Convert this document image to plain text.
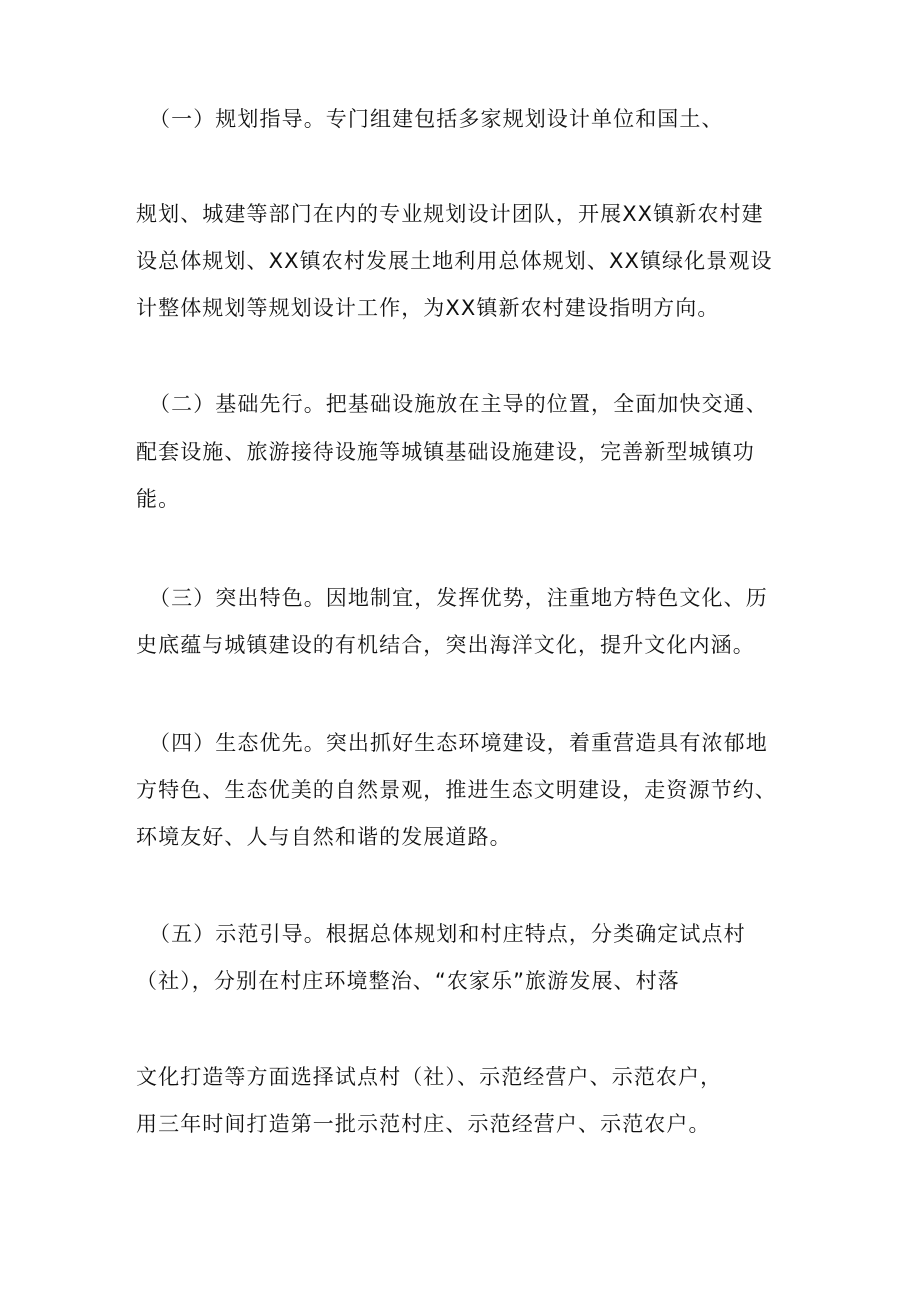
（一）规划指导。专门组建包括多家规划设计单位和国土、
规划、城建等部门在内的专业规划设计团队，开展XX镇新农村建
设总体规划、XX镇农村发展土地利用总体规划、XX镇绿化景观设
计整体规划等规划设计工作，为XX镇新农村建设指明方向。
（二）基础先行。把基础设施放在主导的位置，全面加快交通、
配套设施、旅游接待设施等城镇基础设施建设，完善新型城镇功
能。
（三）突出特色。因地制宜，发挥优势，注重地方特色文化、历
史底蕴与城镇建设的有机结合，突出海洋文化，提升文化内涵。
（四）生态优先。突出抓好生态环境建设，着重营造具有浓郁地
方特色、生态优美的自然景观，推进生态文明建设，走资源节约、
环境友好、人与自然和谐的发展道路。
（五）示范引导。根据总体规划和村庄特点，分类确定试点村
（社），分别在村庄环境整治、“农家乐”旅游发展、村落
文化打造等方面选择试点村（社）、示范经营户、示范农户，
用三年时间打造第一批示范村庄、示范经营户、示范农户。
